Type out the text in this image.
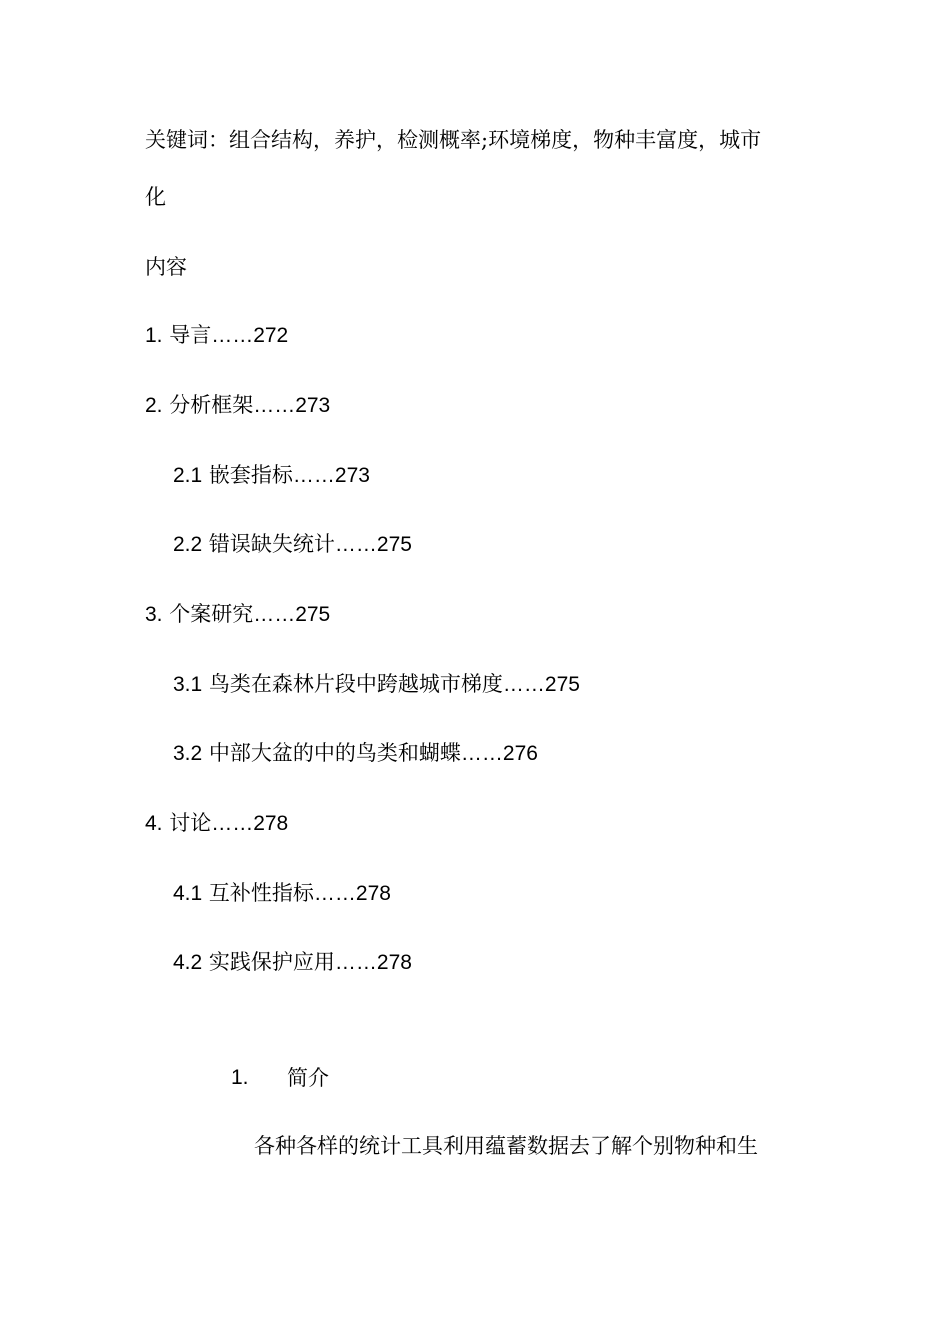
关键词：组合结构，养护，检测概率;环境梯度，物种丰富度，城市
化
内容
1. 导言……272
2. 分析框架……273
2.1 嵌套指标……273
2.2 错误缺失统计……275
3. 个案研究……275
3.1 鸟类在森林片段中跨越城市梯度……275
3.2 中部大盆的中的鸟类和蝴蝶……276
4. 讨论……278
4.1 互补性指标……278
4.2 实践保护应用……278
1. 简介
各种各样的统计工具利用蕴蓄数据去了解个别物种和生
